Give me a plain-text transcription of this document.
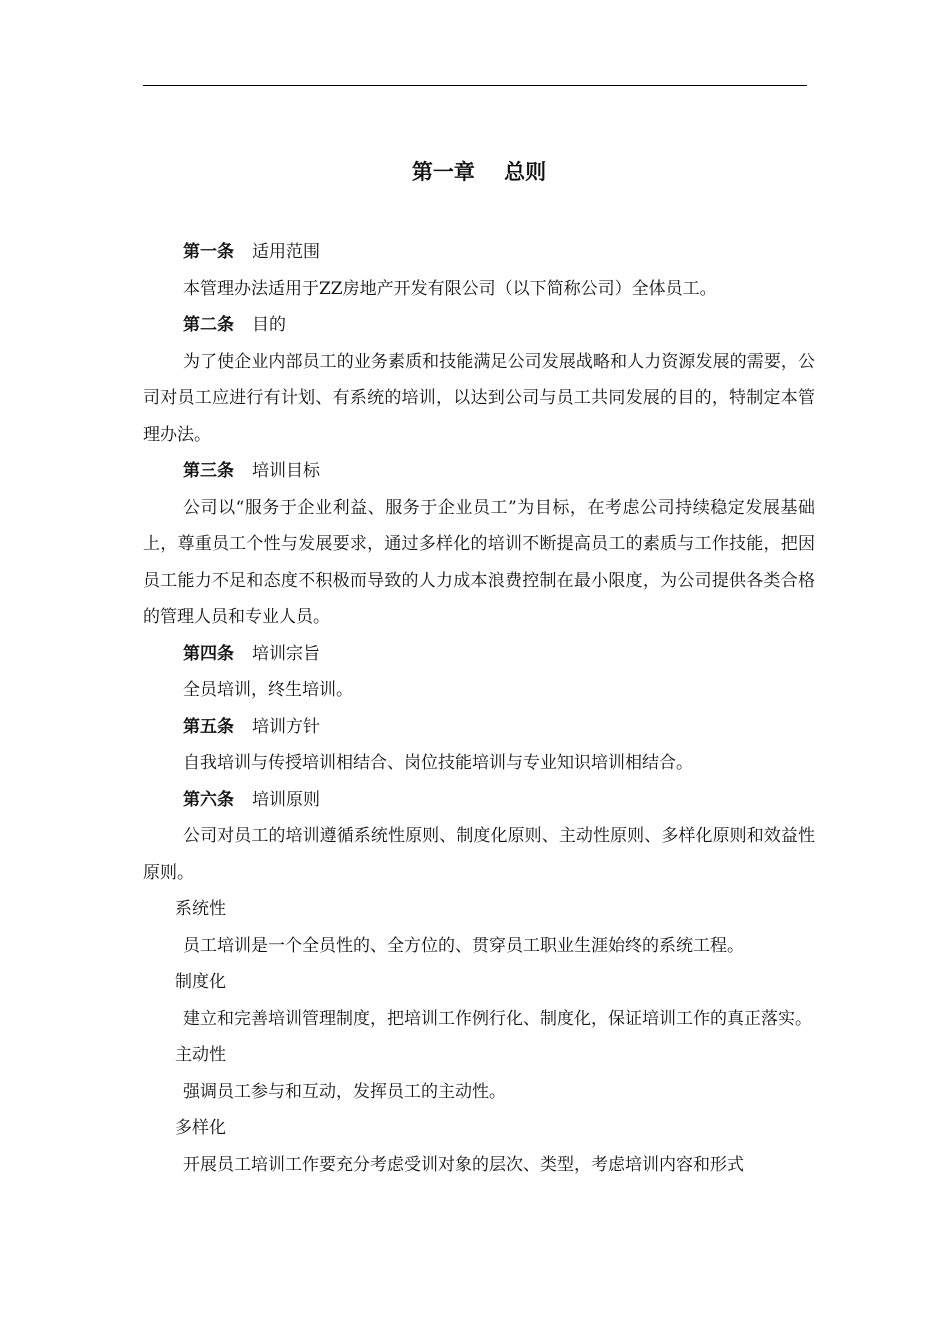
第一章    总则

第一条 适用范围

本管理办法适用于ZZ房地产开发有限公司（以下简称公司）全体员工。

第二条 目的

为了使企业内部员工的业务素质和技能满足公司发展战略和人力资源发展的需要，公司对员工应进行有计划、有系统的培训，以达到公司与员工共同发展的目的，特制定本管理办法。

第三条 培训目标

公司以“服务于企业利益、服务于企业员工”为目标，在考虑公司持续稳定发展基础上，尊重员工个性与发展要求，通过多样化的培训不断提高员工的素质与工作技能，把因员工能力不足和态度不积极而导致的人力成本浪费控制在最小限度，为公司提供各类合格的管理人员和专业人员。

第四条 培训宗旨

全员培训，终生培训。

第五条 培训方针

自我培训与传授培训相结合、岗位技能培训与专业知识培训相结合。

第六条 培训原则

公司对员工的培训遵循系统性原则、制度化原则、主动性原则、多样化原则和效益性原则。

系统性

员工培训是一个全员性的、全方位的、贯穿员工职业生涯始终的系统工程。

制度化

建立和完善培训管理制度，把培训工作例行化、制度化，保证培训工作的真正落实。

主动性

强调员工参与和互动，发挥员工的主动性。

多样化

开展员工培训工作要充分考虑受训对象的层次、类型，考虑培训内容和形式
